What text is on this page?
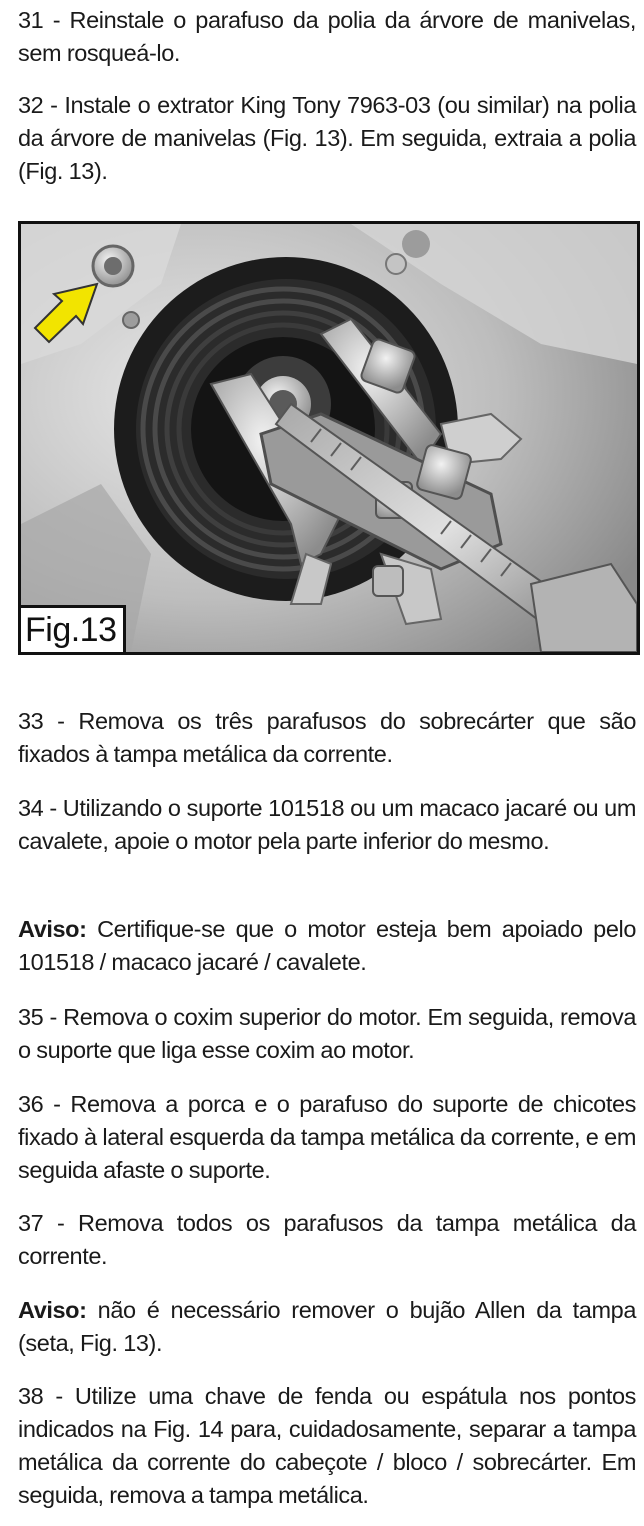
31 - Reinstale o parafuso da polia da árvore de manivelas, sem rosqueá-lo.

32 - Instale o extrator King Tony 7963-03 (ou similar) na polia da árvore de manivelas (Fig. 13). Em seguida, extraia a polia (Fig. 13).

Fig.13

33 - Remova os três parafusos do sobrecárter que são fixados à tampa metálica da corrente.

34 - Utilizando o suporte 101518 ou um macaco jacaré ou um cavalete, apoie o motor pela parte inferior do mesmo.

Aviso: Certifique-se que o motor esteja bem apoiado pelo 101518 / macaco jacaré / cavalete.

35 - Remova o coxim superior do motor. Em seguida, remova o suporte que liga esse coxim ao motor.

36 - Remova a porca e o parafuso do suporte de chicotes fixado à lateral esquerda da tampa metálica da corrente, e em seguida afaste o suporte.

37 - Remova todos os parafusos da tampa metálica da corrente.

Aviso: não é necessário remover o bujão Allen da tampa (seta, Fig. 13).

38 - Utilize uma chave de fenda ou espátula nos pontos indicados na Fig. 14 para, cuidadosamente, separar a tampa metálica da corrente do cabeçote / bloco / sobrecárter. Em seguida, remova a tampa metálica.
